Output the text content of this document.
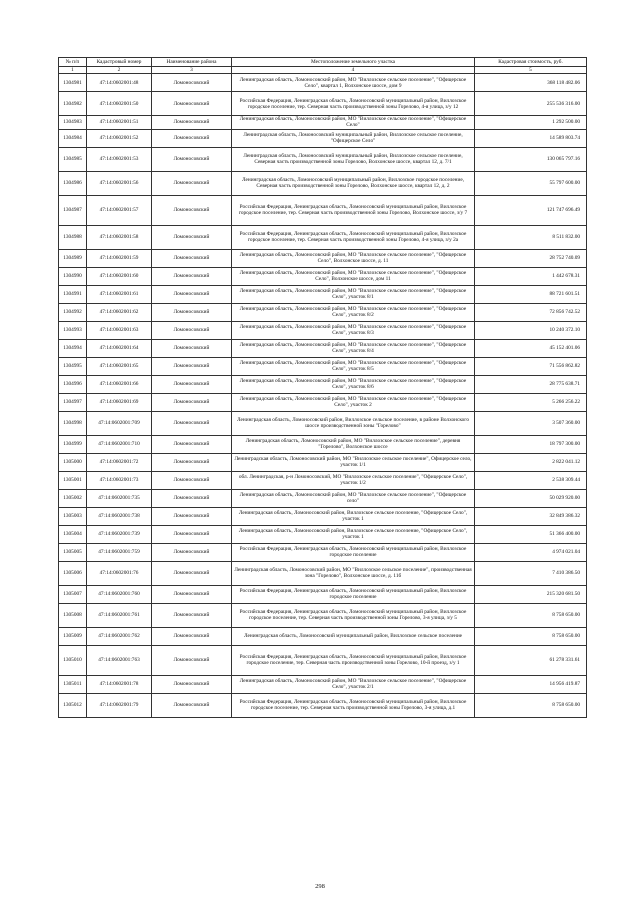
№ п/п	Кадастровый номер	Наименование района	Местоположение земельного участка	Кадастровая стоимость, руб.
1	2	3	4	5
1304981	47:14:0602001:48	Ломоносовский	Ленинградская область, Ломоносовский район, МО "Виллозское сельское поселение", "Офицерское Село", квартал 1, Волхонское шоссе, дом 9	368 118 482.06
1304982	47:14:0602001:50	Ломоносовский	Российская Федерация, Ленинградская область, Ломоносовский муниципальный район, Виллозское городское поселение, тер. Северная часть производственной зоны Горелово, 4-я улица, з/у 12	255 536 316.00
1304983	47:14:0602001:51	Ломоносовский	Ленинградская область, Ломоносовский район, МО "Виллозское сельское поселение", "Офицерское Село"	1 292 500.00
1304984	47:14:0602001:52	Ломоносовский	Ленинградская область, Ломоносовский муниципальный район, Виллозское сельское поселение, "Офицерское Село"	14 589 803.74
1304985	47:14:0602001:53	Ломоносовский	Ленинградская область, Ломоносовский муниципальный район, Виллозское сельское поселение, Северная часть производственной зоны Горелово, Волхонское шоссе, квартал 12, д. 7/1	130 065 797.16
1304986	47:14:0602001:56	Ломоносовский	Ленинградская область, Ломоносовский муниципальный район, Виллозское городское поселение, Северная часть производственной зоны Горелово, Волхонское шоссе, квартал 12, д. 2	55 797 600.00
1304987	47:14:0602001:57	Ломоносовский	Российская Федерация, Ленинградская область, Ломоносовский муниципальный район, Виллозское городское поселение, тер. Северная часть производственной зоны Горелово, Волхонское шоссе, з/у 7	121 747 696.49
1304988	47:14:0602001:58	Ломоносовский	Российская Федерация, Ленинградская область, Ломоносовский муниципальный район, Виллозское городское поселение, тер. Северная часть производственной зоны Горелово, 4-я улица, з/у 2а	8 511 832.00
1304989	47:14:0602001:59	Ломоносовский	Ленинградская область, Ломоносовский район, МО "Виллозское сельское поселение", "Офицерское Село", Волхонское шоссе, д. 11	28 752 740.09
1304990	47:14:0602001:60	Ломоносовский	Ленинградская область, Ломоносовский район, МО "Виллозское сельское поселение", "Офицерское Село", Волхонское шоссе, дом 11	1 442 678.31
1304991	47:14:0602001:61	Ломоносовский	Ленинградская область, Ломоносовский район, МО "Виллозское сельское поселение", "Офицерское Село", участок 8/1	88 721 601.51
1304992	47:14:0602001:62	Ломоносовский	Ленинградская область, Ломоносовский район, МО "Виллозское сельское поселение", "Офицерское Село", участок 8/2	72 856 742.52
1304993	47:14:0602001:63	Ломоносовский	Ленинградская область, Ломоносовский район, МО "Виллозское сельское поселение", "Офицерское Село", участок 8/3	10 240 372.10
1304994	47:14:0602001:64	Ломоносовский	Ленинградская область, Ломоносовский район, МО "Виллозское сельское поселение", "Офицерское Село", участок 8/4	45 152 401.06
1304995	47:14:0602001:65	Ломоносовский	Ленинградская область, Ломоносовский район, МО "Виллозское сельское поселение", "Офицерское Село", участок 8/5	71 556 862.82
1304996	47:14:0602001:66	Ломоносовский	Ленинградская область, Ломоносовский район, МО "Виллозское сельское поселение", "Офицерское Село", участок 8/6	28 775 638.71
1304997	47:14:0602001:69	Ломоносовский	Ленинградская область, Ломоносовский район, МО "Виллозское сельское поселение", "Офицерское Село", участок 2	5 266 256.22
1304998	47:14:0602001:709	Ломоносовский	Ленинградская область, Ломоносовский район, Виллозское сельское поселение, в районе Волхонского шоссе производственной зоны "Горелово"	3 507 360.00
1304999	47:14:0602001:710	Ломоносовский	Ленинградская область, Ломоносовский район, МО "Виллозское сельское поселение", деревня "Горелово", Волхонское шоссе	18 797 300.00
1305000	47:14:0602001:72	Ломоносовский	Ленинградская область, Ломоносовский район, МО "Виллозское сельское поселение", Офицерское село, участок 1/1	2 822 041.12
1305001	47:14:0602001:73	Ломоносовский	обл. Ленинградская, р-н Ломоносовский, МО "Виллозское сельское поселение", "Офицерское Село", участок 1/2	2 538 309.44
1305002	47:14:0602001:735	Ломоносовский	Ленинградская область, Ломоносовский район, МО "Виллозское сельское поселение", "Офицерское село"	50 029 920.00
1305003	47:14:0602001:738	Ломоносовский	Ленинградская область, Ломоносовский район, Виллозское сельское поселение, "Офицерское Село", участок 1	32 849 386.32
1305004	47:14:0602001:739	Ломоносовский	Ленинградская область, Ломоносовский район, Виллозское сельское поселение, "Офицерское Село", участок 1	51 366 400.00
1305005	47:14:0602001:759	Ломоносовский	Российская Федерация, Ленинградская область, Ломоносовский муниципальный район, Виллозское городское поселение	4 974 021.04
1305006	47:14:0602001:76	Ломоносовский	Ленинградская область, Ломоносовский район, МО "Виллозское сельское поселение", производственная зона "Горелово", Волхонское шоссе, д. 11б	7 410 386.50
1305007	47:14:0602001:760	Ломоносовский	Российская Федерация, Ленинградская область, Ломоносовский муниципальный район, Виллозское городское поселение	215 320 681.50
1305008	47:14:0602001:761	Ломоносовский	Российская Федерация, Ленинградская область, Ломоносовский муниципальный район, Виллозское городское поселение, тер. Северная часть производственной зоны Горелово, 3-я улица, з/у 5	8 758 650.00
1305009	47:14:0602001:762	Ломоносовский	Ленинградская область, Ломоносовский муниципальный район, Виллозское сельское поселение	8 758 650.00
1305010	47:14:0602001:763	Ломоносовский	Российская Федерация, Ленинградская область, Ломоносовский муниципальный район, Виллозское городское поселение, тер. Северная часть производственной зоны Горелово, 10-й проезд, з/у 1	61 278 331.61
1305011	47:14:0602001:78	Ломоносовский	Ленинградская область, Ломоносовский район, МО "Виллозское сельское поселение", "Офицерское Село", участок 2/1	14 956 419.87
1305012	47:14:0602001:79	Ломоносовский	Российская Федерация, Ленинградская область, Ломоносовский муниципальный район, Виллозское городское поселение, тер. Северная часть производственной зоны Горелово, 3-я улица, д.1	8 758 650.00
298
